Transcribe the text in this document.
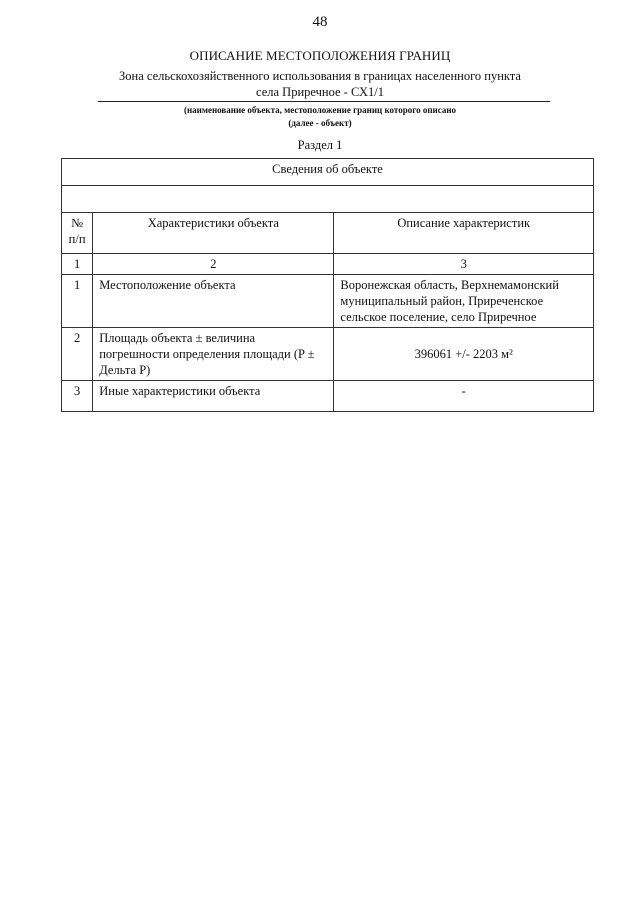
48
ОПИСАНИЕ МЕСТОПОЛОЖЕНИЯ ГРАНИЦ
Зона сельскохозяйственного использования в границах населенного пункта
села Приречное - СХ1/1
(наименование объекта, местоположение границ которого описано
(далее - объект)
Раздел 1
Сведения об объекте		

№ п/п	Характеристики объекта	Описание характеристик
1	2	3
1	Местоположение объекта	Воронежская область, Верхнемамонский муниципальный район, Приреченское сельское поселение, село Приречное
2	Площадь объекта ± величина погрешности определения площади (P ± Дельта P)	396061 +/- 2203 м²
3	Иные характеристики объекта	-
